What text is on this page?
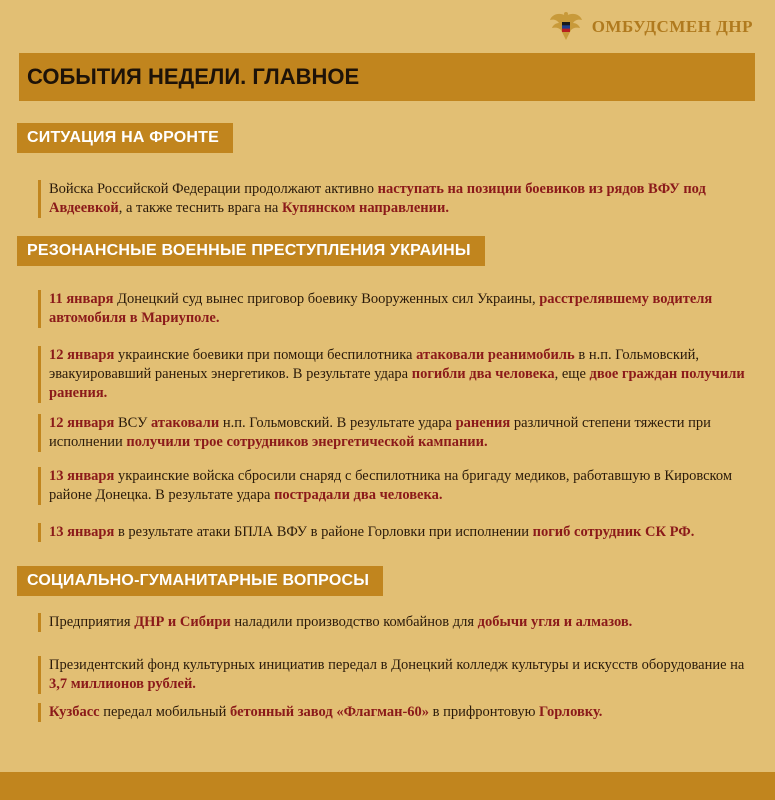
ОМБУДСМЕН ДНР
СОБЫТИЯ НЕДЕЛИ. ГЛАВНОЕ
СИТУАЦИЯ НА ФРОНТЕ
Войска Российской Федерации продолжают активно наступать на позиции боевиков из рядов ВФУ под Авдеевкой, а также теснить врага на Купянском направлении.
РЕЗОНАНСНЫЕ ВОЕННЫЕ ПРЕСТУПЛЕНИЯ УКРАИНЫ
11 января Донецкий суд вынес приговор боевику Вооруженных сил Украины, расстрелявшему водителя автомобиля в Мариуполе.
12 января украинские боевики при помощи беспилотника атаковали реанимобиль в н.п. Гольмовский, эвакуировавший раненых энергетиков. В результате удара погибли два человека, еще двое граждан получили ранения.
12 января ВСУ атаковали н.п. Гольмовский. В результате удара ранения различной степени тяжести при исполнении получили трое сотрудников энергетической кампании.
13 января украинские войска сбросили снаряд с беспилотника на бригаду медиков, работавшую в Кировском районе Донецка. В результате удара пострадали два человека.
13 января в результате атаки БПЛА ВФУ в районе Горловки при исполнении погиб сотрудник СК РФ.
СОЦИАЛЬНО-ГУМАНИТАРНЫЕ ВОПРОСЫ
Предприятия ДНР и Сибири наладили производство комбайнов для добычи угля и алмазов.
Президентский фонд культурных инициатив передал в Донецкий колледж культуры и искусств оборудование на 3,7 миллионов рублей.
Кузбасс передал мобильный бетонный завод «Флагман-60» в прифронтовую Горловку.
